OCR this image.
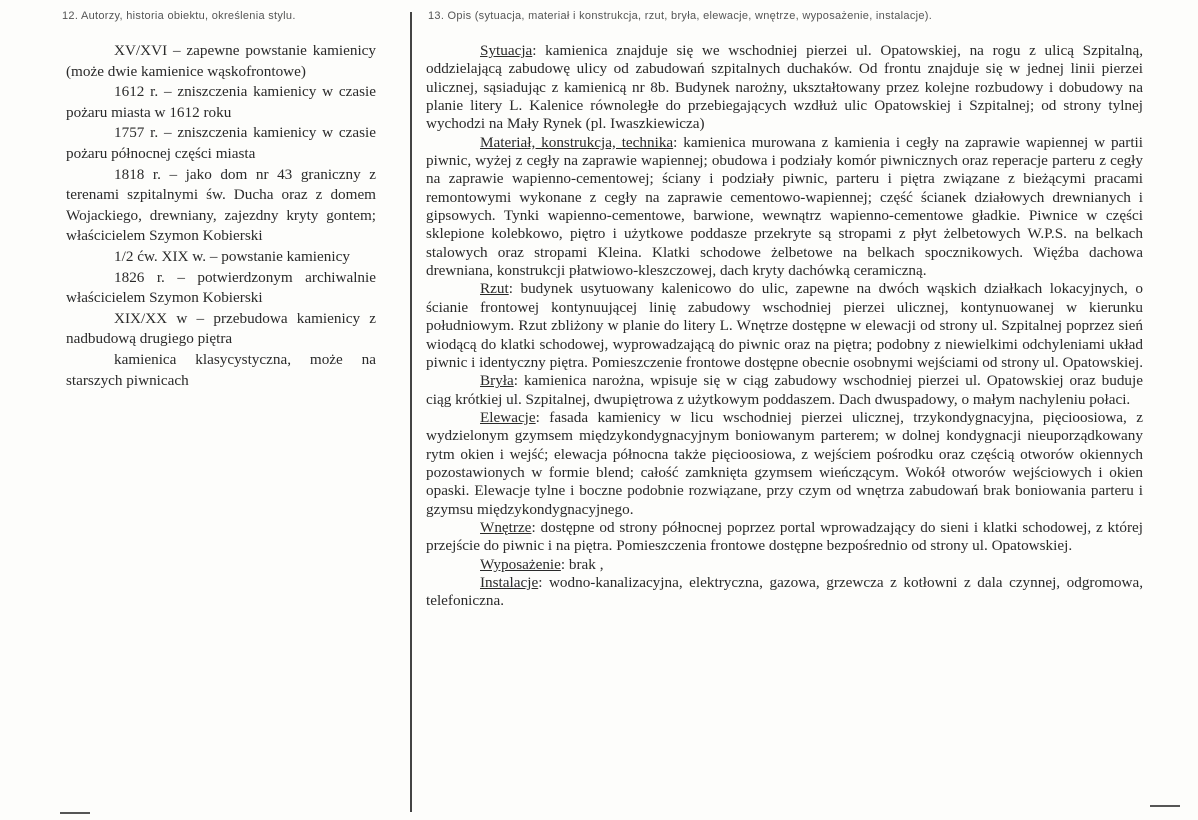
12. Autorzy, historia obiektu, określenia stylu.	13. Opis (sytuacja, materiał i konstrukcja, rzut, bryła, elewacje, wnętrze, wyposażenie, instalacje).

XV/XVI – zapewne powstanie kamienicy (może dwie kamienice wąskofrontowe)

1612 r. – zniszczenia kamienicy w czasie pożaru miasta w 1612 roku

1757 r. – zniszczenia kamienicy w czasie pożaru północnej części miasta

1818 r. – jako dom nr 43 graniczny z terenami szpitalnymi św. Ducha oraz z domem Wojackiego, drewniany, zajezdny kryty gontem; właścicielem Szymon Kobierski

1/2 ćw. XIX w. – powstanie kamienicy

1826 r. – potwierdzonym archiwalnie właścicielem Szymon Kobierski

XIX/XX w – przebudowa kamienicy z nadbudową drugiego piętra

kamienica klasycystyczna, może na starszych piwnicach

Sytuacja: kamienica znajduje się we wschodniej pierzei ul. Opatowskiej, na rogu z ulicą Szpitalną, oddzielającą zabudowę ulicy od zabudowań szpitalnych duchaków. Od frontu znajduje się w jednej linii pierzei ulicznej, sąsiadując z kamienicą nr 8b. Budynek narożny, ukształtowany przez kolejne rozbudowy i dobudowy na planie litery L. Kalenice równoległe do przebiegających wzdłuż ulic Opatowskiej i Szpitalnej; od strony tylnej wychodzi na Mały Rynek (pl. Iwaszkiewicza)

Materiał, konstrukcja, technika: kamienica murowana z kamienia i cegły na zaprawie wapiennej w partii piwnic, wyżej z cegły na zaprawie wapiennej; obudowa i podziały komór piwnicznych oraz reperacje parteru z cegły na zaprawie wapienno-cementowej; ściany i podziały piwnic, parteru i piętra związane z bieżącymi pracami remontowymi wykonane z cegły na zaprawie cementowo-wapiennej; część ścianek działowych drewnianych i gipsowych. Tynki wapienno-cementowe, barwione, wewnątrz wapienno-cementowe gładkie. Piwnice w części sklepione kolebkowo, piętro i użytkowe poddasze przekryte są stropami z płyt żelbetowych W.P.S. na belkach stalowych oraz stropami Kleina. Klatki schodowe żelbetowe na belkach spocznikowych. Więźba dachowa drewniana, konstrukcji płatwiowo-kleszczowej, dach kryty dachówką ceramiczną.

Rzut: budynek usytuowany kalenicowo do ulic, zapewne na dwóch wąskich działkach lokacyjnych, o ścianie frontowej kontynuującej linię zabudowy wschodniej pierzei ulicznej, kontynuowanej w kierunku południowym. Rzut zbliżony w planie do litery L. Wnętrze dostępne w elewacji od strony ul. Szpitalnej poprzez sień wiodącą do klatki schodowej, wyprowadzającą do piwnic oraz na piętra; podobny z niewielkimi odchyleniami układ piwnic i identyczny piętra. Pomieszczenie frontowe dostępne obecnie osobnymi wejściami od strony ul. Opatowskiej.

Bryła: kamienica narożna, wpisuje się w ciąg zabudowy wschodniej pierzei ul. Opatowskiej oraz buduje ciąg krótkiej ul. Szpitalnej, dwupiętrowa z użytkowym poddaszem. Dach dwuspadowy, o małym nachyleniu połaci.

Elewacje: fasada kamienicy w licu wschodniej pierzei ulicznej, trzykondygnacyjna, pięcioosiowa, z wydzielonym gzymsem międzykondygnacyjnym boniowanym parterem; w dolnej kondygnacji nieuporządkowany rytm okien i wejść; elewacja północna także pięcioosiowa, z wejściem pośrodku oraz częścią otworów okiennych pozostawionych w formie blend; całość zamknięta gzymsem wieńczącym. Wokół otworów wejściowych i okien opaski. Elewacje tylne i boczne podobnie rozwiązane, przy czym od wnętrza zabudowań brak boniowania parteru i gzymsu międzykondygnacyjnego.

Wnętrze: dostępne od strony północnej poprzez portal wprowadzający do sieni i klatki schodowej, z której przejście do piwnic i na piętra. Pomieszczenia frontowe dostępne bezpośrednio od strony ul. Opatowskiej.

Wyposażenie: brak ,

Instalacje: wodno-kanalizacyjna, elektryczna, gazowa, grzewcza z kotłowni z dala czynnej, odgromowa, telefoniczna.
